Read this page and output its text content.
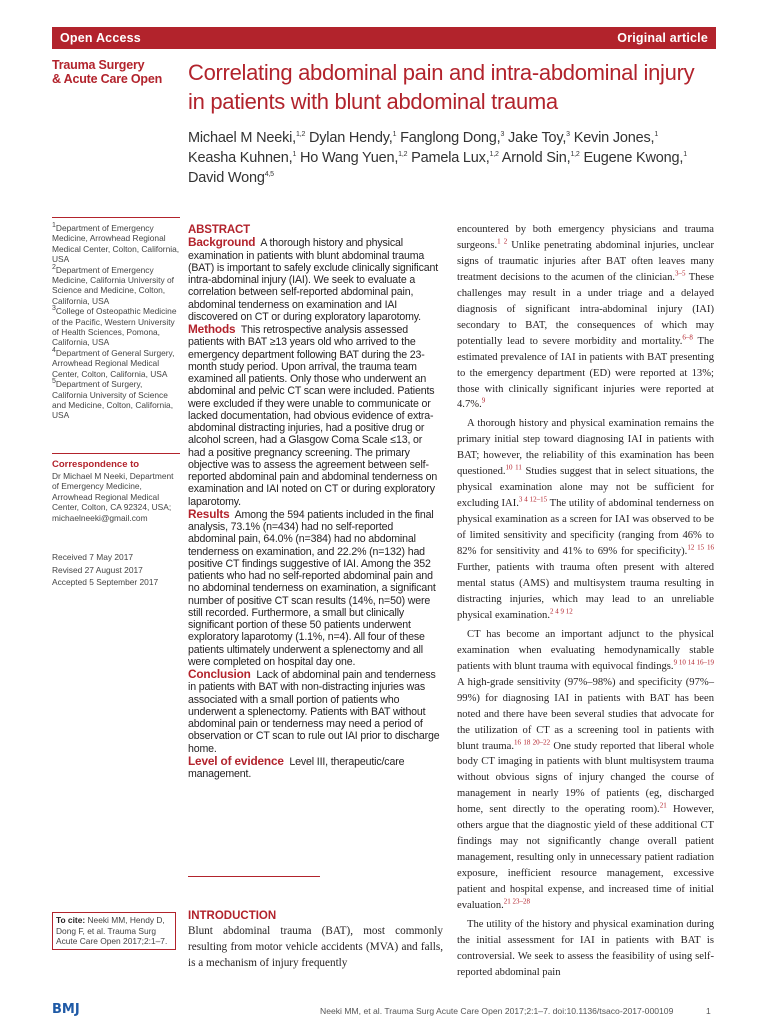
Open Access	Original article
Trauma Surgery
& Acute Care Open	Correlating abdominal pain and intra-abdominal injury in patients with blunt abdominal trauma
Michael M Neeki,$^{1,2}$ Dylan Hendy,$^1$ Fanglong Dong,$^3$ Jake Toy,$^3$ Kevin Jones,$^1$ Keasha Kuhnen,$^1$ Ho Wang Yuen,$^{1,2}$ Pamela Lux,$^{1,2}$ Arnold Sin,$^{1,2}$ Eugene Kwong,$^1$ David Wong$^{4,5}$

$^1$Department of Emergency Medicine, Arrowhead Regional Medical Center, Colton, California, USA

$^2$Department of Emergency Medicine, California University of Science and Medicine, Colton, California, USA

$^3$College of Osteopathic Medicine of the Pacific, Western University of Health Sciences, Pomona, California, USA

$^4$Department of General Surgery, Arrowhead Regional Medical Center, Colton, California, USA

$^5$Department of Surgery, California University of Science and Medicine, Colton, California, USA

Correspondence to
Dr Michael M Neeki, Department of Emergency Medicine, Arrowhead Regional Medical Center, Colton, CA 92324, USA; michaelneeki@gmail.com
Received 7 May 2017
Revised 27 August 2017
Accepted 5 September 2017
To cite: Neeki MM, Hendy D, Dong F, et al. Trauma Surg Acute Care Open 2017;2:1–7.
ABSTRACT

Background A thorough history and physical examination in patients with blunt abdominal trauma (BAT) is important to safely exclude clinically significant intra-abdominal injury (IAI). We seek to evaluate a correlation between self-reported abdominal pain, abdominal tenderness on examination and IAI discovered on CT or during exploratory laparotomy.

Methods This retrospective analysis assessed patients with BAT ≥13 years old who arrived to the emergency department following BAT during the 23-month study period. Upon arrival, the trauma team examined all patients. Only those who underwent an abdominal and pelvic CT scan were included. Patients were excluded if they were unable to communicate or lacked documentation, had obvious evidence of extra-abdominal distracting injuries, had a positive drug or alcohol screen, had a Glasgow Coma Scale ≤13, or had a positive pregnancy screening. The primary objective was to assess the agreement between self-reported abdominal pain and abdominal tenderness on examination and IAI noted on CT or during exploratory laparotomy.

Results Among the 594 patients included in the final analysis, 73.1% (n=434) had no self-reported abdominal pain, 64.0% (n=384) had no abdominal tenderness on examination, and 22.2% (n=132) had positive CT findings suggestive of IAI. Among the 352 patients who had no self-reported abdominal pain and no abdominal tenderness on examination, a significant number of positive CT scan results (14%, n=50) were still recorded. Furthermore, a small but clinically significant portion of these 50 patients underwent exploratory laparotomy (1.1%, n=4). All four of these patients ultimately underwent a splenectomy and all were completed on hospital day one.

Conclusion Lack of abdominal pain and tenderness in patients with BAT with non-distracting injuries was associated with a small portion of patients who underwent a splenectomy. Patients with BAT without abdominal pain or tenderness may need a period of observation or CT scan to rule out IAI prior to discharge home.

Level of evidence Level III, therapeutic/care management.

INTRODUCTION
Blunt abdominal trauma (BAT), most commonly resulting from motor vehicle accidents (MVA) and falls, is a mechanism of injury frequently

encountered by both emergency physicians and trauma surgeons.$^{1 2}$ Unlike penetrating abdominal injuries, unclear signs of traumatic injuries after BAT often leaves many treatment decisions to the acumen of the clinician.$^{3-5}$ These challenges may result in a under triage and a delayed diagnosis of significant intra-abdominal injury (IAI) secondary to BAT, the consequences of which may potentially lead to severe morbidity and mortality.$^{6-8}$ The estimated prevalence of IAI in patients with BAT presenting to the emergency department (ED) were reported at 13%; those with clinically significant injuries were reported at 4.7%.$^9$

A thorough history and physical examination remains the primary initial step toward diagnosing IAI in patients with BAT; however, the reliability of this examination has been questioned.$^{10 11}$ Studies suggest that in select situations, the physical examination alone may not be sufficient for excluding IAI.$^{3 4 12-15}$ The utility of abdominal tenderness on physical examination as a screen for IAI was observed to be of limited sensitivity and specificity (ranging from 46% to 82% for sensitivity and 41% to 69% for specificity).$^{12 15 16}$ Further, patients with trauma often present with altered mental status (AMS) and multisystem trauma resulting in distracting injuries, which may lead to an unreliable physical examination.$^{2 4 9 12}$

CT has become an important adjunct to the physical examination when evaluating hemodynamically stable patients with blunt trauma with equivocal findings.$^{9 10 14 16-19}$ A high-grade sensitivity (97%–98%) and specificity (97%–99%) for diagnosing IAI in patients with BAT has been noted and there have been several studies that advocate for the utilization of CT as a screening tool in patients with blunt trauma.$^{16 18 20-22}$ One study reported that liberal whole body CT imaging in patients with blunt multisystem trauma without obvious signs of injury changed the course of management in nearly 19% of patients (eg, discharged home, sent directly to the operating room).$^{21}$ However, others argue that the diagnostic yield of these additional CT findings may not significantly change overall patient management, resulting only in unnecessary patient radiation exposure, inefficient resource management, excessive patient and hospital expense, and increased time of initial evaluation.$^{21 23-28}$

The utility of the history and physical examination during the initial assessment for IAI in patients with BAT is controversial. We seek to assess the feasibility of using self-reported abdominal pain

BMJ	Neeki MM, et al. Trauma Surg Acute Care Open 2017;2:1–7. doi:10.1136/tsaco-2017-000109	1
